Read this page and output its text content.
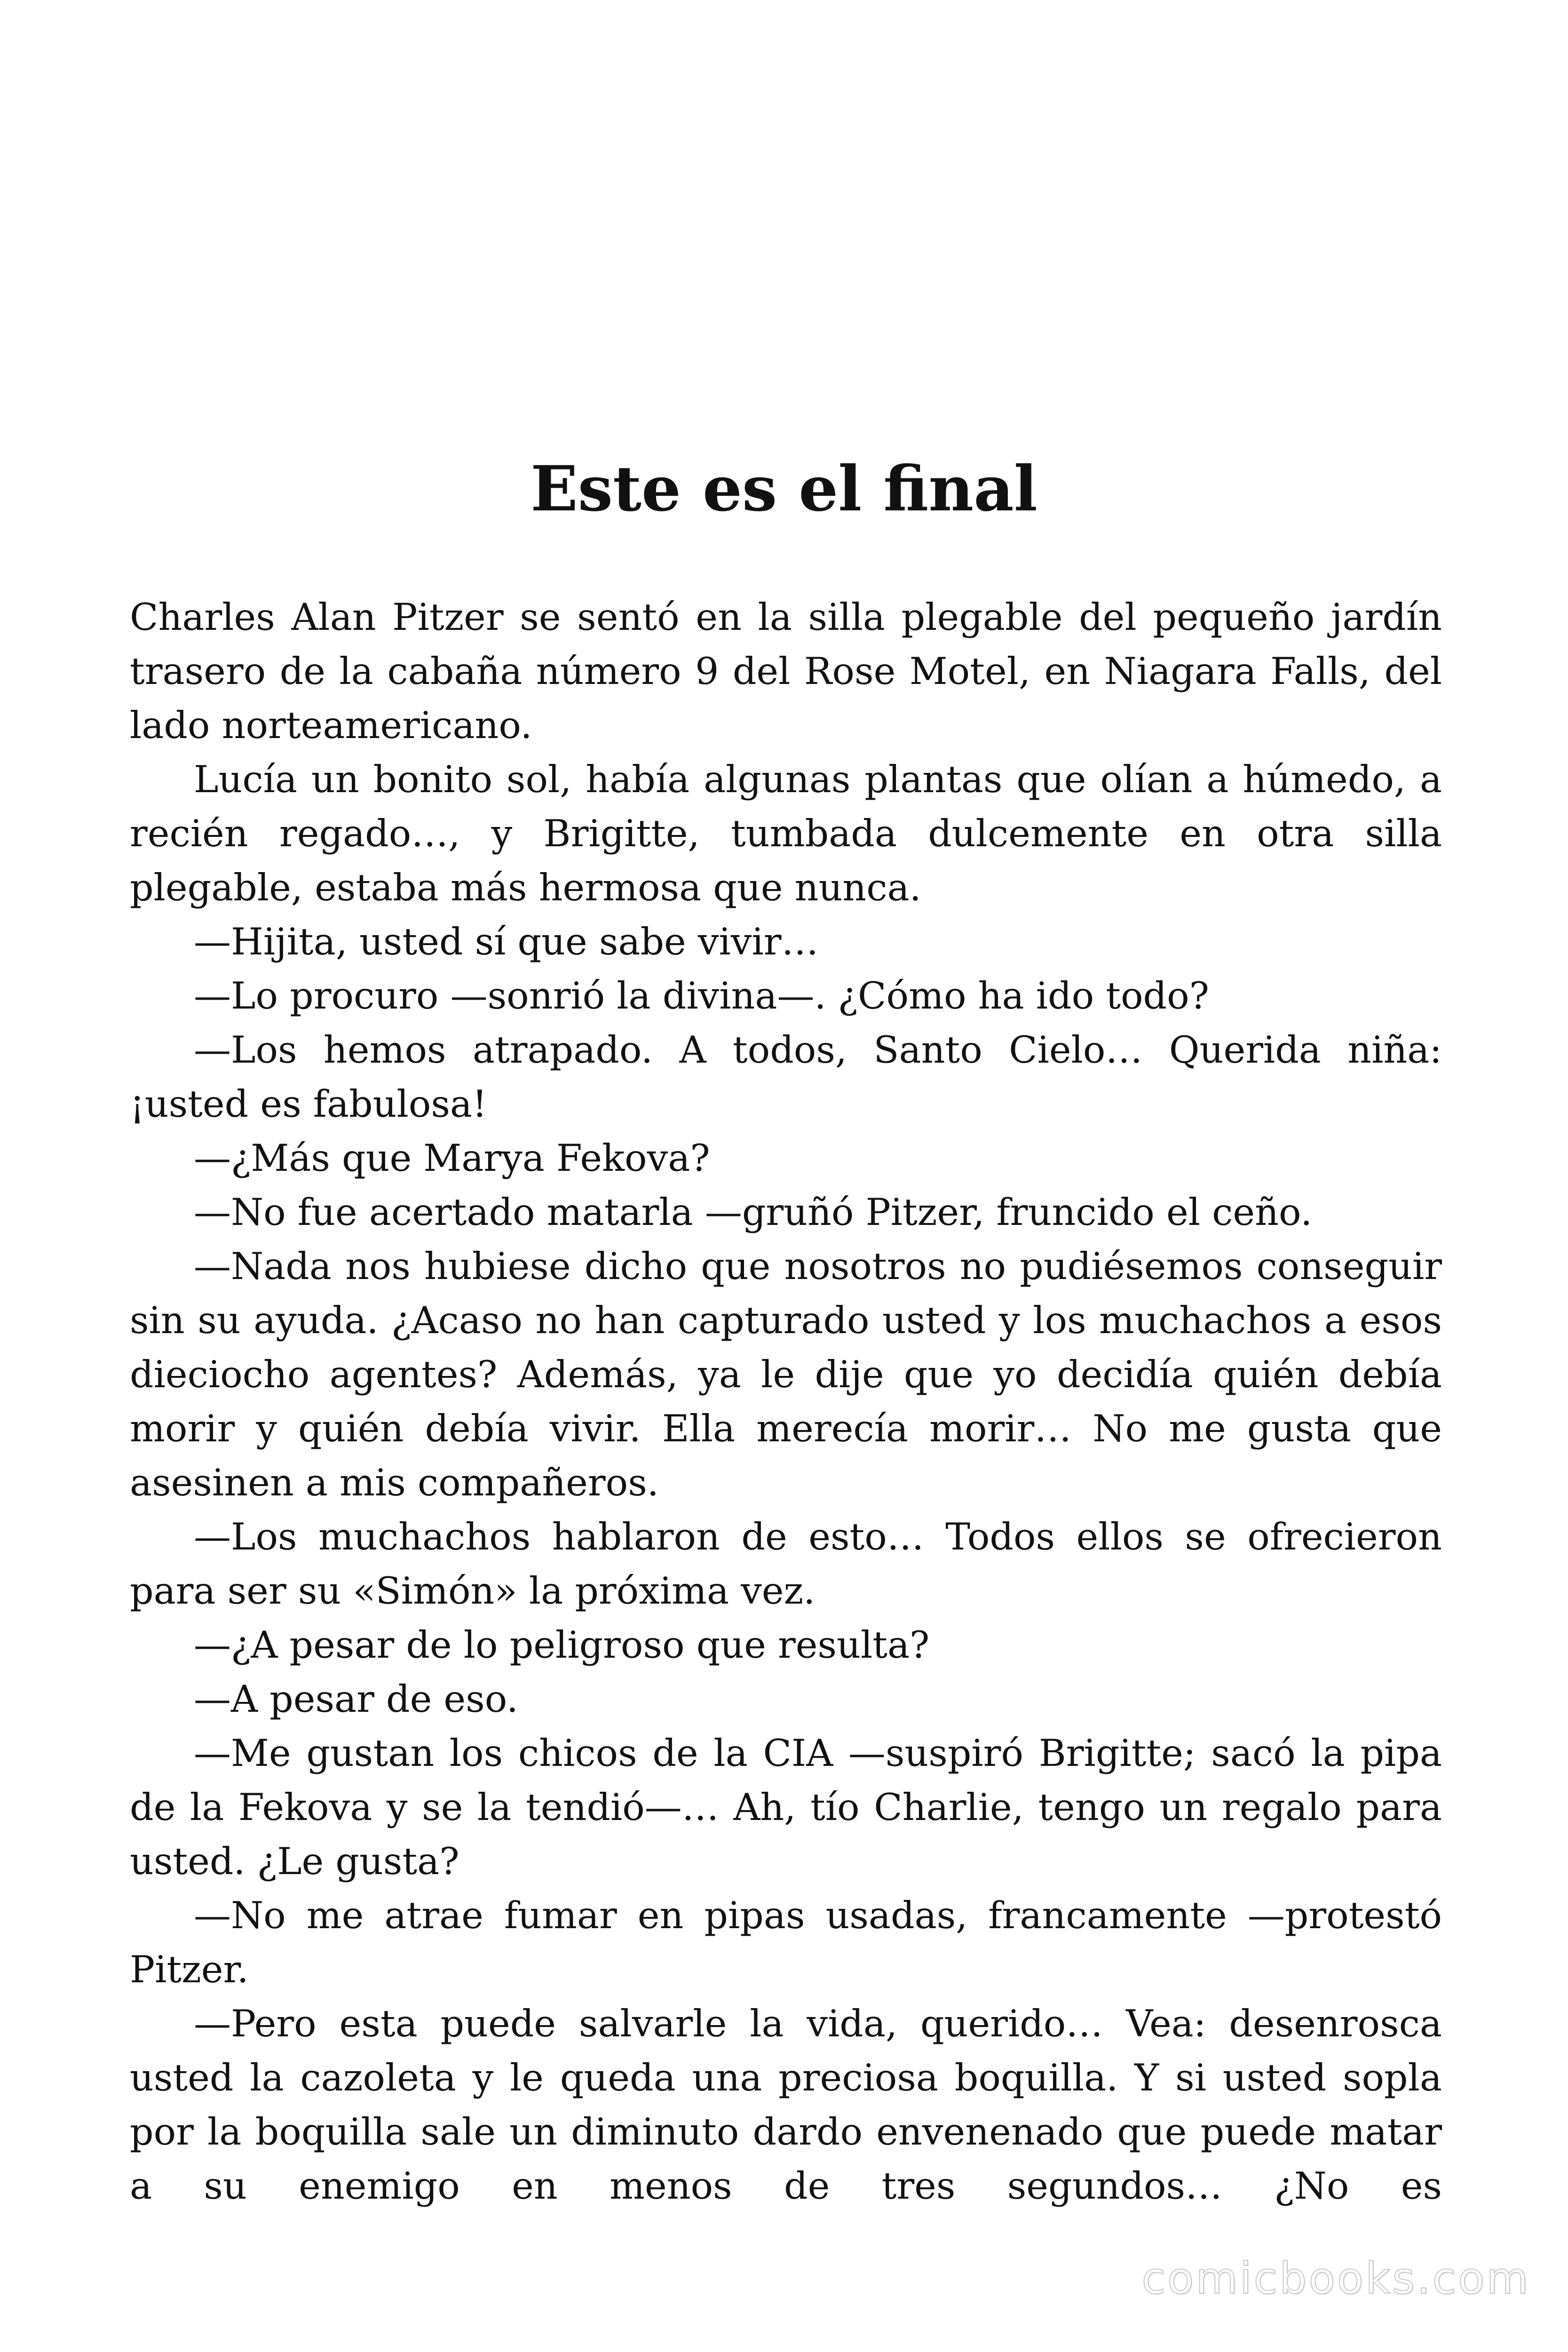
Este es el final

Charles Alan Pitzer se sentó en la silla plegable del pequeño jardín trasero de la cabaña número 9 del Rose Motel, en Niagara Falls, del lado norteamericano.

Lucía un bonito sol, había algunas plantas que olían a húmedo, a recién regado…, y Brigitte, tumbada dulcemente en otra silla plegable, estaba más hermosa que nunca.

—Hijita, usted sí que sabe vivir…

—Lo procuro —sonrió la divina—. ¿Cómo ha ido todo?

—Los hemos atrapado. A todos, Santo Cielo… Querida niña: ¡usted es fabulosa!

—¿Más que Marya Fekova?

—No fue acertado matarla —gruñó Pitzer, fruncido el ceño.

—Nada nos hubiese dicho que nosotros no pudiésemos conseguir sin su ayuda. ¿Acaso no han capturado usted y los muchachos a esos dieciocho agentes? Además, ya le dije que yo decidía quién debía morir y quién debía vivir. Ella merecía morir… No me gusta que asesinen a mis compañeros.

—Los muchachos hablaron de esto… Todos ellos se ofrecieron para ser su «Simón» la próxima vez.

—¿A pesar de lo peligroso que resulta?

—A pesar de eso.

—Me gustan los chicos de la CIA —suspiró Brigitte; sacó la pipa de la Fekova y se la tendió—… Ah, tío Charlie, tengo un regalo para usted. ¿Le gusta?

—No me atrae fumar en pipas usadas, francamente —protestó Pitzer.

—Pero esta puede salvarle la vida, querido… Vea: desenrosca usted la cazoleta y le queda una preciosa boquilla. Y si usted sopla por la boquilla sale un diminuto dardo envenenado que puede matar a su enemigo en menos de tres segundos… ¿No es

comicbooks.com
